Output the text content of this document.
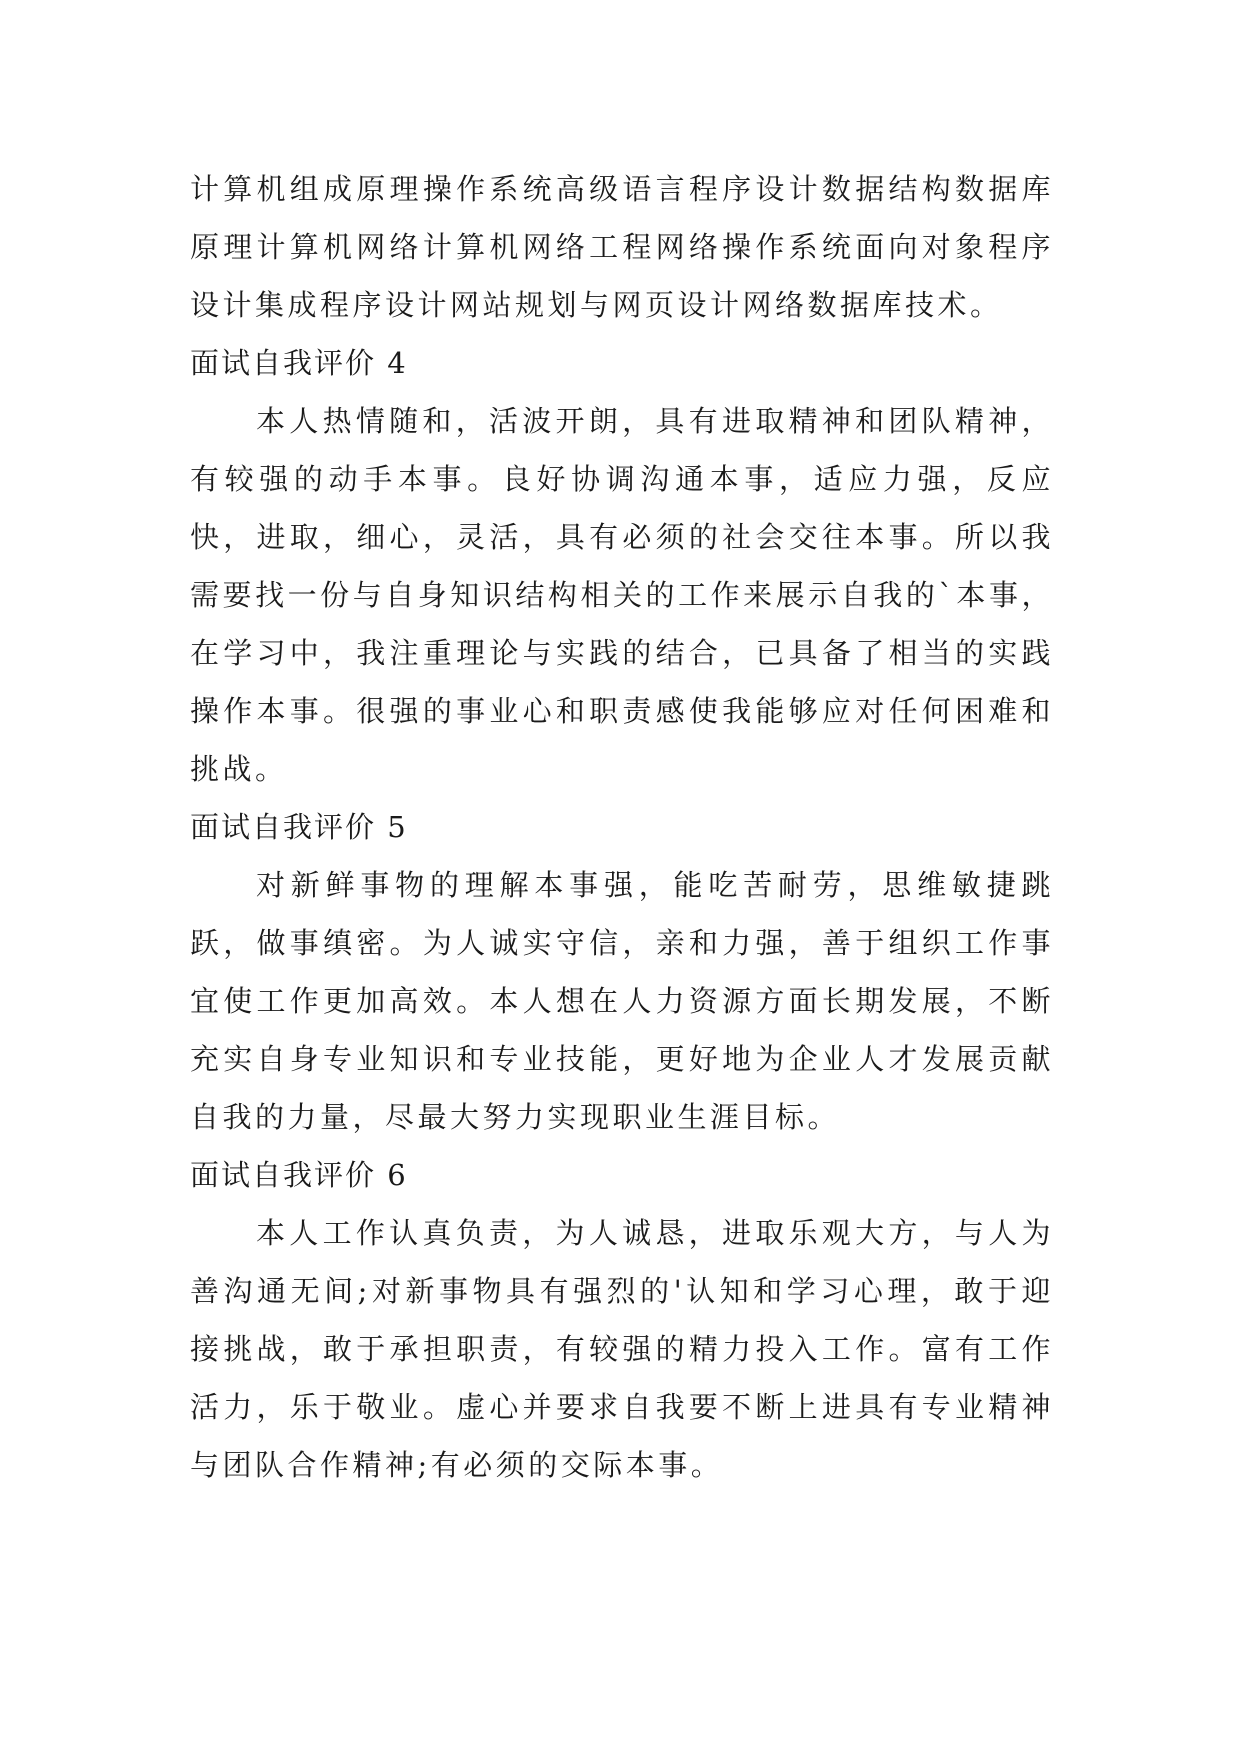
计算机组成原理操作系统高级语言程序设计数据结构数据库原理计算机网络计算机网络工程网络操作系统面向对象程序设计集成程序设计网站规划与网页设计网络数据库技术。

面试自我评价 4

本人热情随和，活波开朗，具有进取精神和团队精神，有较强的动手本事。良好协调沟通本事，适应力强，反应快，进取，细心，灵活，具有必须的社会交往本事。所以我需要找一份与自身知识结构相关的工作来展示自我的`本事，在学习中，我注重理论与实践的结合，已具备了相当的实践操作本事。很强的事业心和职责感使我能够应对任何困难和挑战。

面试自我评价 5

对新鲜事物的理解本事强，能吃苦耐劳，思维敏捷跳跃，做事缜密。为人诚实守信，亲和力强，善于组织工作事宜使工作更加高效。本人想在人力资源方面长期发展，不断充实自身专业知识和专业技能，更好地为企业人才发展贡献自我的力量，尽最大努力实现职业生涯目标。

面试自我评价 6

本人工作认真负责，为人诚恳，进取乐观大方，与人为善沟通无间;对新事物具有强烈的'认知和学习心理，敢于迎接挑战，敢于承担职责，有较强的精力投入工作。富有工作活力，乐于敬业。虚心并要求自我要不断上进具有专业精神与团队合作精神;有必须的交际本事。
